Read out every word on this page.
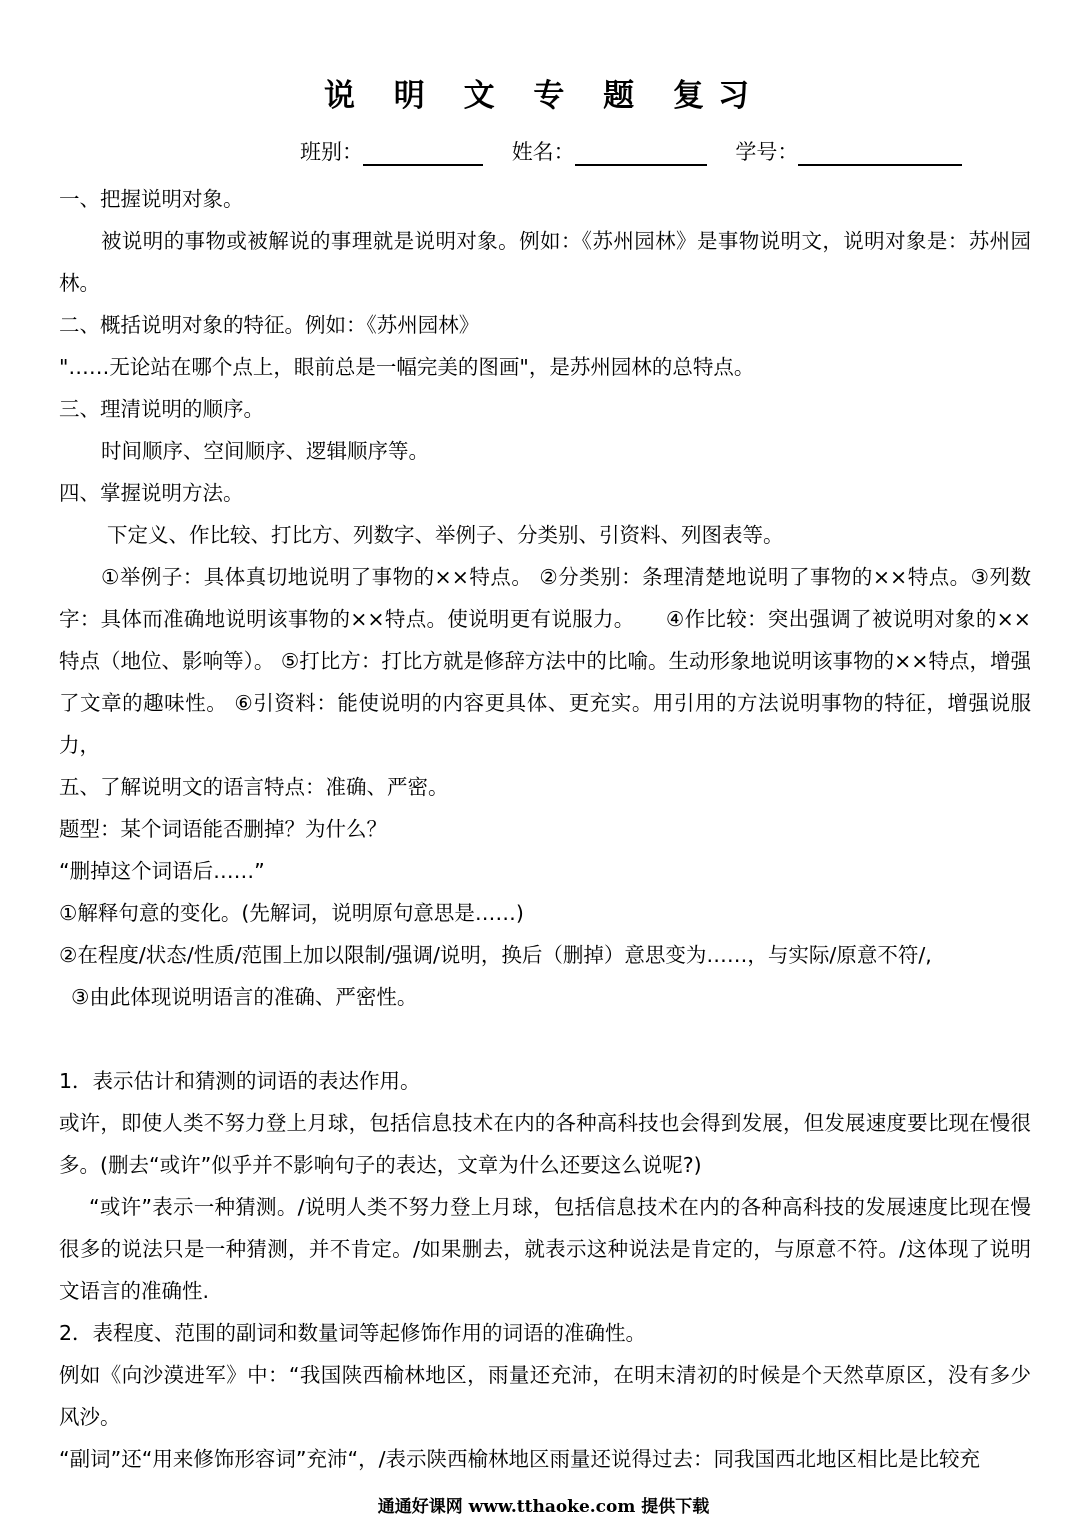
说 明 文 专 题 复习
班别：	姓名：	学号：

一、把握说明对象。

被说明的事物或被解说的事理就是说明对象。例如：《苏州园林》是事物说明文，说明对象是：苏州园林。

二、概括说明对象的特征。例如：《苏州园林》

"……无论站在哪个点上，眼前总是一幅完美的图画"，是苏州园林的总特点。

三、理清说明的顺序。

时间顺序、空间顺序、逻辑顺序等。

四、掌握说明方法。

下定义、作比较、打比方、列数字、举例子、分类别、引资料、列图表等。

①举例子：具体真切地说明了事物的××特点。 ②分类别：条理清楚地说明了事物的××特点。③列数字：具体而准确地说明该事物的××特点。使说明更有说服力。　　④作比较：突出强调了被说明对象的××特点（地位、影响等）。 ⑤打比方：打比方就是修辞方法中的比喻。生动形象地说明该事物的××特点，增强了文章的趣味性。 ⑥引资料：能使说明的内容更具体、更充实。用引用的方法说明事物的特征，增强说服力，

五、了解说明文的语言特点：准确、严密。

题型：某个词语能否删掉？为什么？

“删掉这个词语后……”

①解释句意的变化。(先解词，说明原句意思是……)

②在程度/状态/性质/范围上加以限制/强调/说明，换后（删掉）意思变为……，与实际/原意不符/,

③由此体现说明语言的准确、严密性。

1．表示估计和猜测的词语的表达作用。

或许，即使人类不努力登上月球，包括信息技术在内的各种高科技也会得到发展，但发展速度要比现在慢很多。(删去“或许”似乎并不影响句子的表达，文章为什么还要这么说呢?)

“或许”表示一种猜测。/说明人类不努力登上月球，包括信息技术在内的各种高科技的发展速度比现在慢很多的说法只是一种猜测，并不肯定。/如果删去，就表示这种说法是肯定的，与原意不符。/这体现了说明文语言的准确性.

2．表程度、范围的副词和数量词等起修饰作用的词语的准确性。

例如《向沙漠进军》中：“我国陕西榆林地区，雨量还充沛，在明末清初的时候是个天然草原区，没有多少风沙。

“副词”还“用来修饰形容词”充沛“，/表示陕西榆林地区雨量还说得过去：同我国西北地区相比是比较充

通通好课网 www.tthaoke.com 提供下载
